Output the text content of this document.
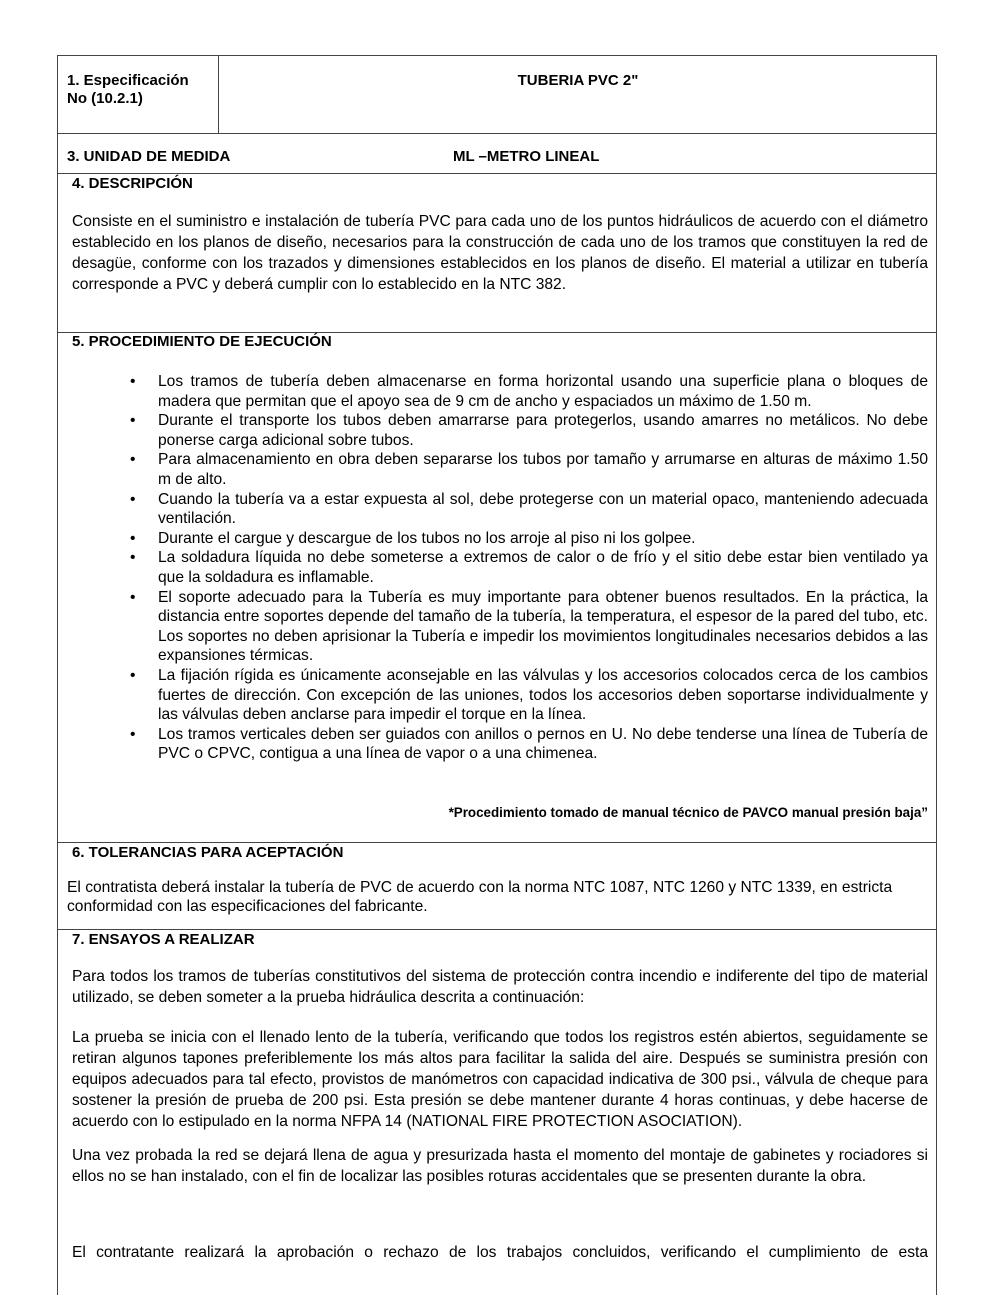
1. Especificación
No (10.2.1)
TUBERIA PVC 2"
3. UNIDAD DE MEDIDA	ML –METRO LINEAL
4. DESCRIPCIÓN
Consiste en el suministro e instalación de tubería PVC para cada uno de los puntos hidráulicos de acuerdo con el diámetro establecido en los planos de diseño, necesarios para la construcción de cada uno de los tramos que constituyen la red de desagüe, conforme con los trazados y dimensiones establecidos en los planos de diseño. El material a utilizar en tubería corresponde a PVC y deberá cumplir con lo establecido en la NTC 382.
5. PROCEDIMIENTO DE EJECUCIÓN
• Los tramos de tubería deben almacenarse en forma horizontal usando una superficie plana o bloques de madera que permitan que el apoyo sea de 9 cm de ancho y espaciados un máximo de 1.50 m.
• Durante el transporte los tubos deben amarrarse para protegerlos, usando amarres no metálicos. No debe ponerse carga adicional sobre tubos.
• Para almacenamiento en obra deben separarse los tubos por tamaño y arrumarse en alturas de máximo 1.50 m de alto.
• Cuando la tubería va a estar expuesta al sol, debe protegerse con un material opaco, manteniendo adecuada ventilación.
• Durante el cargue y descargue de los tubos no los arroje al piso ni los golpee.
• La soldadura líquida no debe someterse a extremos de calor o de frío y el sitio debe estar bien ventilado ya que la soldadura es inflamable.
• El soporte adecuado para la Tubería es muy importante para obtener buenos resultados. En la práctica, la distancia entre soportes depende del tamaño de la tubería, la temperatura, el espesor de la pared del tubo, etc. Los soportes no deben aprisionar la Tubería e impedir los movimientos longitudinales necesarios debidos a las expansiones térmicas.
• La fijación rígida es únicamente aconsejable en las válvulas y los accesorios colocados cerca de los cambios fuertes de dirección. Con excepción de las uniones, todos los accesorios deben soportarse individualmente y las válvulas deben anclarse para impedir el torque en la línea.
• Los tramos verticales deben ser guiados con anillos o pernos en U. No debe tenderse una línea de Tubería de PVC o CPVC, contigua a una línea de vapor o a una chimenea.
*Procedimiento tomado de manual técnico de PAVCO manual presión baja”
6. TOLERANCIAS PARA ACEPTACIÓN
El contratista deberá instalar la tubería de PVC de acuerdo con la norma NTC 1087, NTC 1260 y NTC 1339, en estricta conformidad con las especificaciones del fabricante.
7. ENSAYOS A REALIZAR
Para todos los tramos de tuberías constitutivos del sistema de protección contra incendio e indiferente del tipo de material utilizado, se deben someter a la prueba hidráulica descrita a continuación:
La prueba se inicia con el llenado lento de la tubería, verificando que todos los registros estén abiertos, seguidamente se retiran algunos tapones preferiblemente los más altos para facilitar la salida del aire. Después se suministra presión con equipos adecuados para tal efecto, provistos de manómetros con capacidad indicativa de 300 psi., válvula de cheque para sostener la presión de prueba de 200 psi. Esta presión se debe mantener durante 4 horas continuas, y debe hacerse de acuerdo con lo estipulado en la norma NFPA 14 (NATIONAL FIRE PROTECTION ASOCIATION).
Una vez probada la red se dejará llena de agua y presurizada hasta el momento del montaje de gabinetes y rociadores si ellos no se han instalado, con el fin de localizar las posibles roturas accidentales que se presenten durante la obra.
El contratante realizará la aprobación o rechazo de los trabajos concluidos, verificando el cumplimiento de esta
